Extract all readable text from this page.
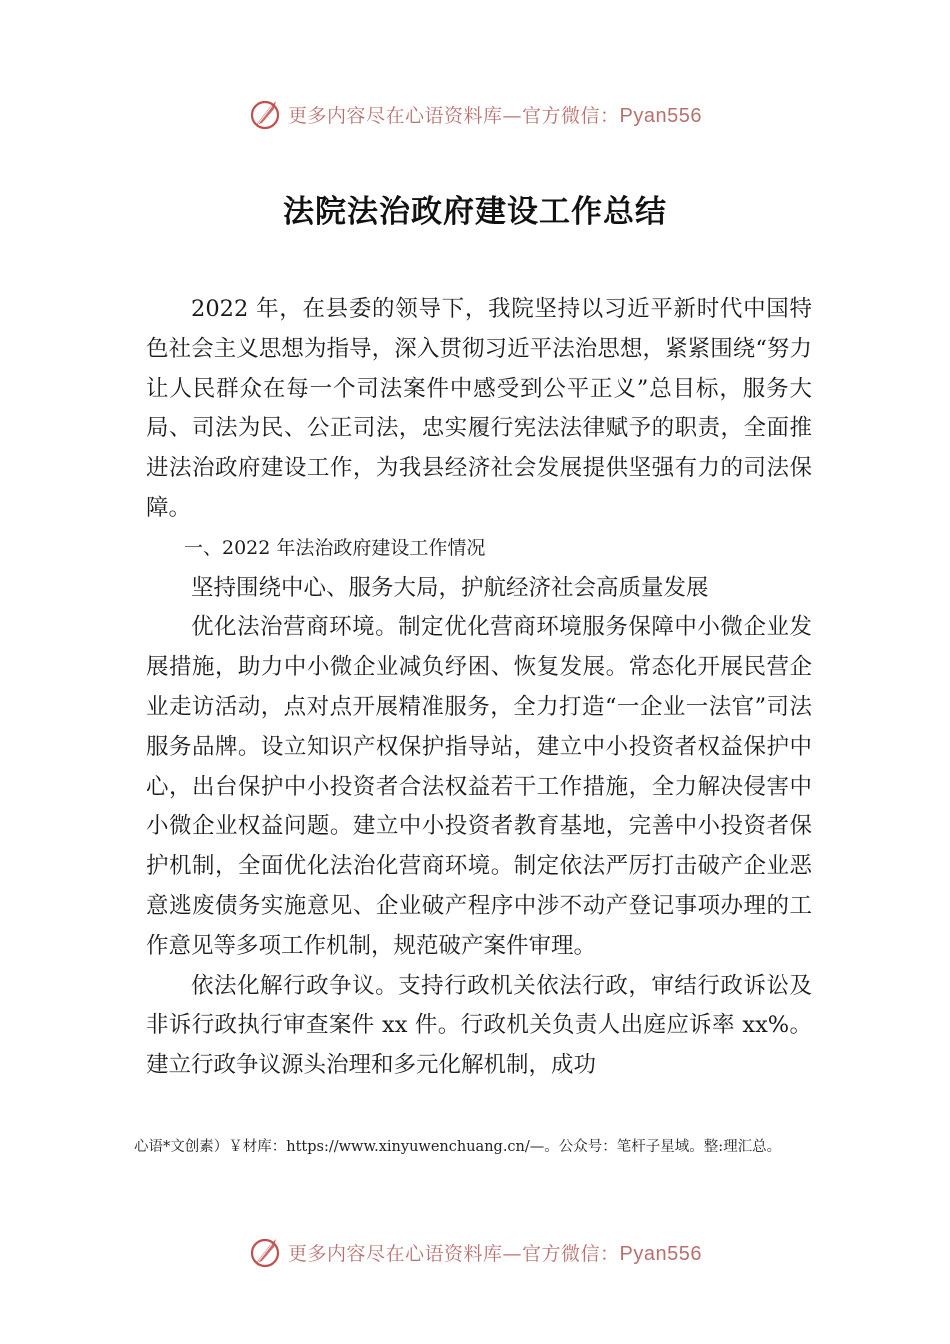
更多内容尽在心语资料库—官方微信：Pyan556
法院法治政府建设工作总结

2022 年，在县委的领导下，我院坚持以习近平新时代中国特色社会主义思想为指导，深入贯彻习近平法治思想，紧紧围绕“努力让人民群众在每一个司法案件中感受到公平正义”总目标，服务大局、司法为民、公正司法，忠实履行宪法法律赋予的职责，全面推进法治政府建设工作，为我县经济社会发展提供坚强有力的司法保障。

一、2022 年法治政府建设工作情况

坚持围绕中心、服务大局，护航经济社会高质量发展

优化法治营商环境。制定优化营商环境服务保障中小微企业发展措施，助力中小微企业减负纾困、恢复发展。常态化开展民营企业走访活动，点对点开展精准服务，全力打造“一企业一法官”司法服务品牌。设立知识产权保护指导站，建立中小投资者权益保护中心，出台保护中小投资者合法权益若干工作措施，全力解决侵害中小微企业权益问题。建立中小投资者教育基地，完善中小投资者保护机制，全面优化法治化营商环境。制定依法严厉打击破产企业恶意逃废债务实施意见、企业破产程序中涉不动产登记事项办理的工作意见等多项工作机制，规范破产案件审理。

依法化解行政争议。支持行政机关依法行政，审结行政诉讼及非诉行政执行审查案件 xx 件。行政机关负责人出庭应诉率 xx%。建立行政争议源头治理和多元化解机制，成功

心语*文创素）￥材库：https://www.xinyuwenchuang.cn/—。公众号：笔杆子星域。整:理汇总。
更多内容尽在心语资料库—官方微信：Pyan556
